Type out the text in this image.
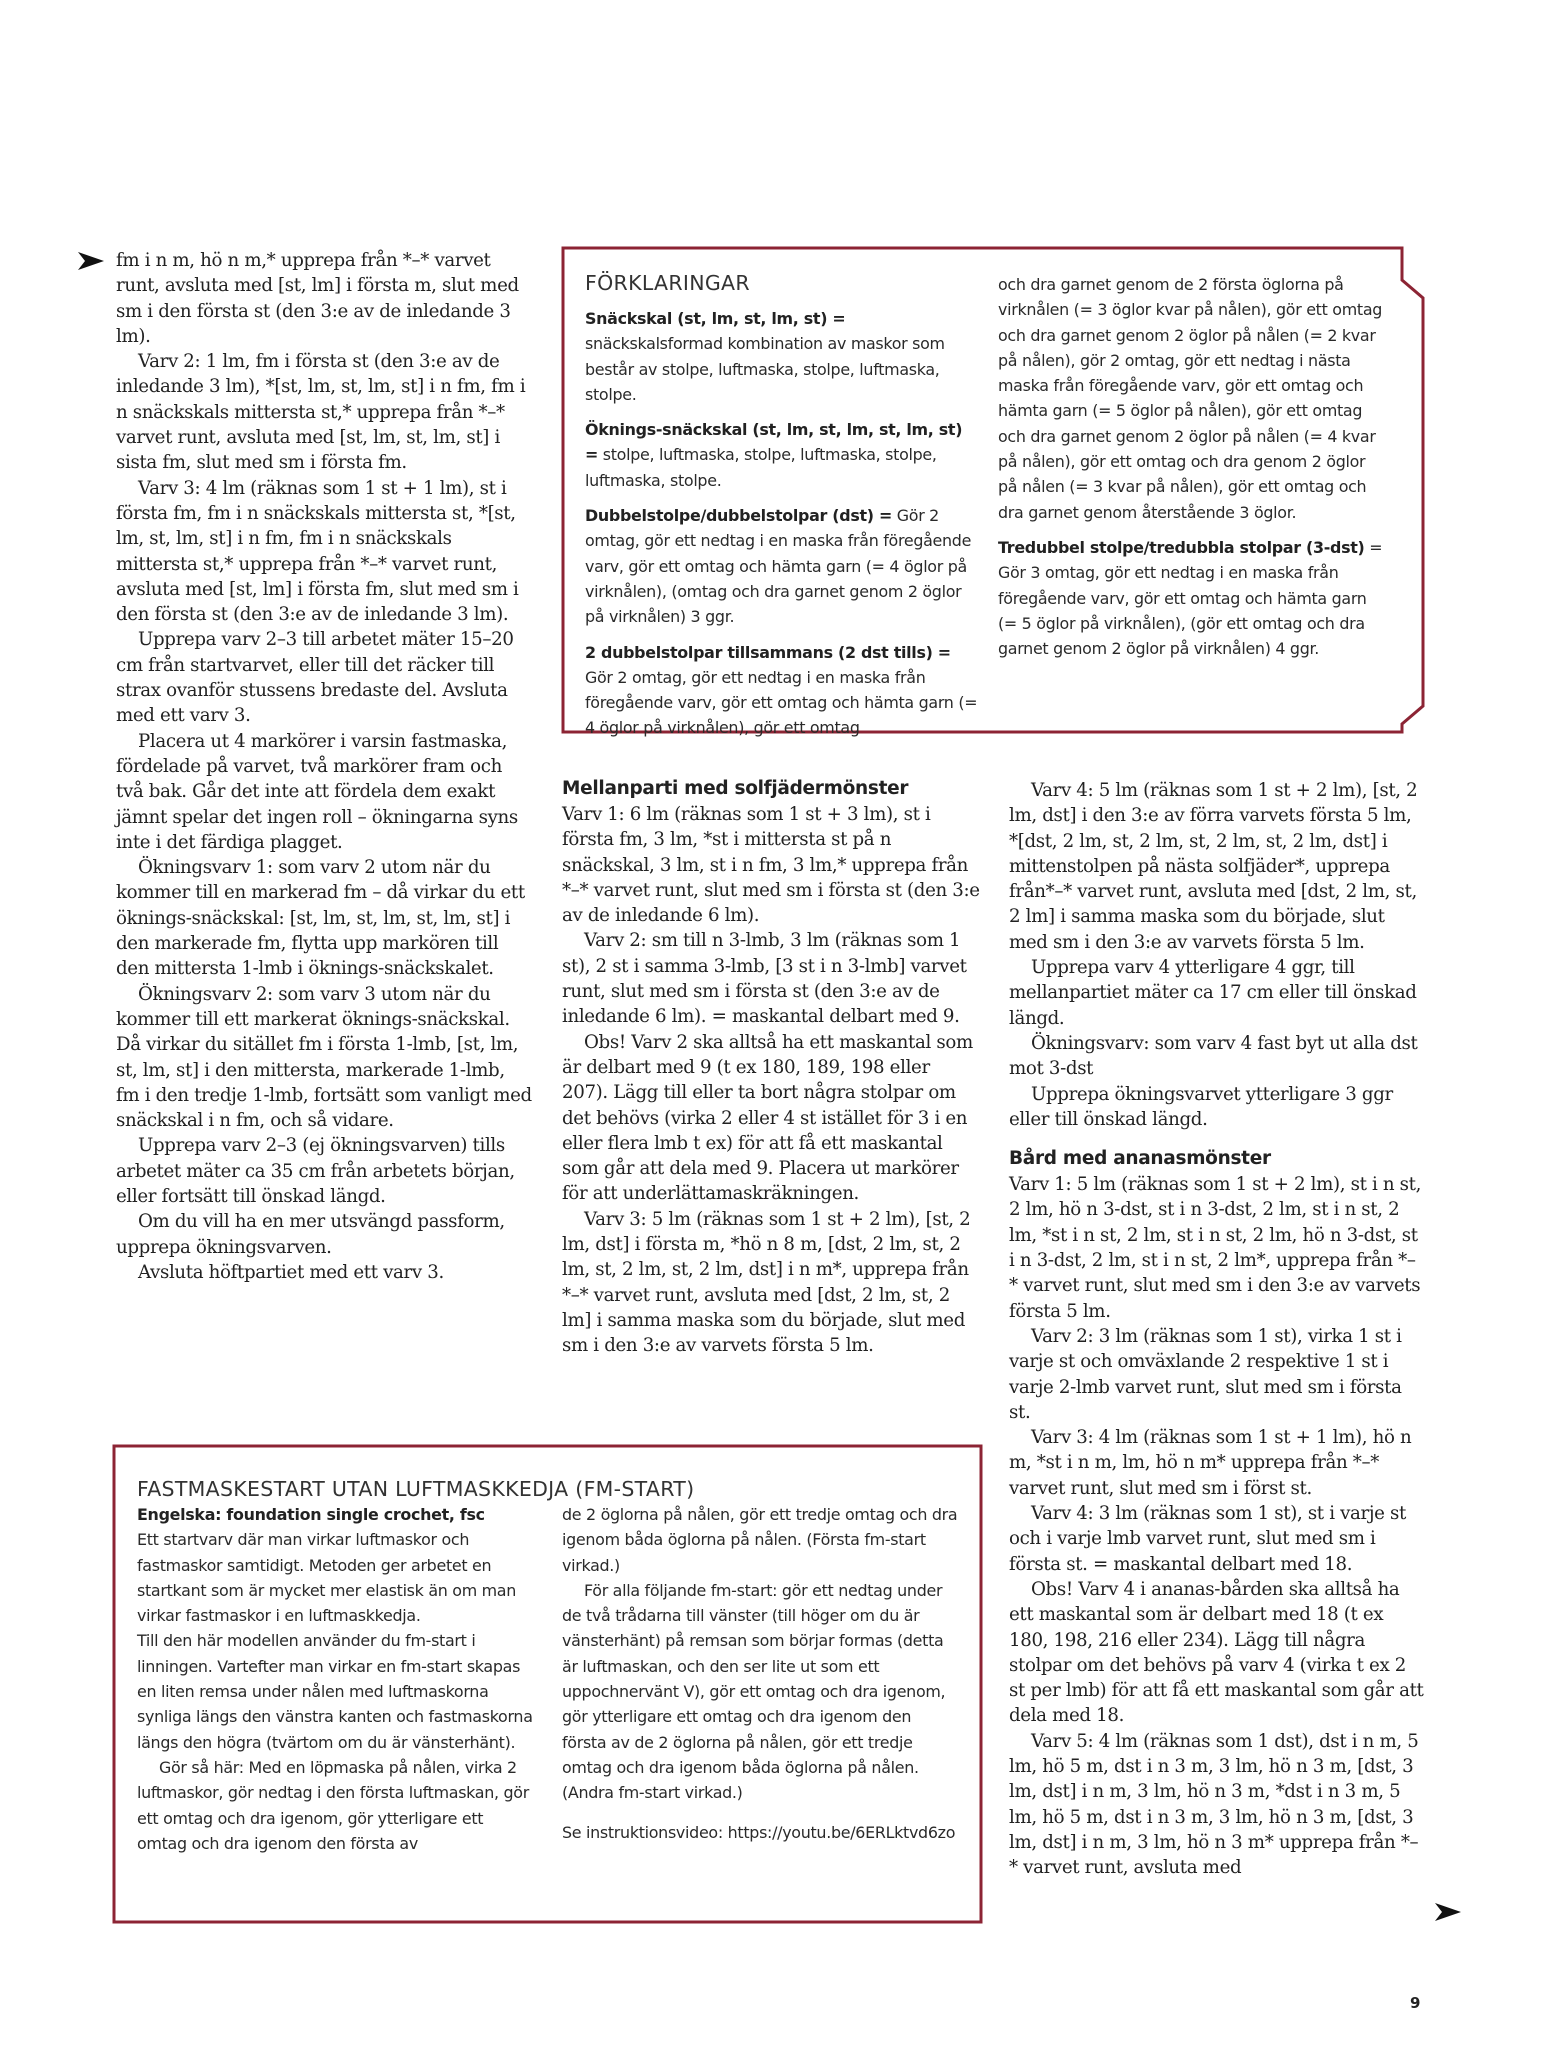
fm i n m, hö n m,* upprepa från *–* varvet runt, avsluta med [st, lm] i första m, slut med sm i den första st (den 3:e av de inledande 3 lm).

Varv 2: 1 lm, fm i första st (den 3:e av de inledande 3 lm), *[st, lm, st, lm, st] i n fm, fm i n snäckskals mittersta st,* upprepa från *–* varvet runt, avsluta med [st, lm, st, lm, st] i sista fm, slut med sm i första fm.

Varv 3: 4 lm (räknas som 1 st + 1 lm), st i första fm, fm i n snäckskals mittersta st, *[st, lm, st, lm, st] i n fm, fm i n snäckskals mittersta st,* upprepa från *–* varvet runt, avsluta med [st, lm] i första fm, slut med sm i den första st (den 3:e av de inledande 3 lm).

Upprepa varv 2–3 till arbetet mäter 15–20 cm från startvarvet, eller till det räcker till strax ovanför stussens bredaste del. Avsluta med ett varv 3.

Placera ut 4 markörer i varsin fastmaska, fördelade på varvet, två markörer fram och två bak. Går det inte att fördela dem exakt jämnt spelar det ingen roll – ökningarna syns inte i det färdiga plagget.

Ökningsvarv 1: som varv 2 utom när du kommer till en markerad fm – då virkar du ett öknings-snäckskal: [st, lm, st, lm, st, lm, st] i den markerade fm, flytta upp markören till den mittersta 1-lmb i öknings-snäckskalet.

Ökningsvarv 2: som varv 3 utom när du kommer till ett markerat öknings-snäckskal. Då virkar du sitället fm i första 1-lmb, [st, lm, st, lm, st] i den mittersta, markerade 1-lmb, fm i den tredje 1-lmb, fortsätt som vanligt med snäckskal i n fm, och så vidare.

Upprepa varv 2–3 (ej ökningsvarven) tills arbetet mäter ca 35 cm från arbetets början, eller fortsätt till önskad längd.

Om du vill ha en mer utsvängd passform, upprepa ökningsvarven.

Avsluta höftpartiet med ett varv 3.

FÖRKLARINGAR

Snäckskal (st, lm, st, lm, st) = snäckskalsformad kombination av maskor som består av stolpe, luftmaska, stolpe, luftmaska, stolpe.

Öknings-snäckskal (st, lm, st, lm, st, lm, st) = stolpe, luftmaska, stolpe, luftmaska, stolpe, luftmaska, stolpe.

Dubbelstolpe/dubbelstolpar (dst) = Gör 2 omtag, gör ett nedtag i en maska från föregående varv, gör ett omtag och hämta garn (= 4 öglor på virknålen), (omtag och dra garnet genom 2 öglor på virknålen) 3 ggr.

2 dubbelstolpar tillsammans (2 dst tills) = Gör 2 omtag, gör ett nedtag i en maska från föregående varv, gör ett omtag och hämta garn (= 4 öglor på virknålen), gör ett omtag

och dra garnet genom de 2 första öglorna på virknålen (= 3 öglor kvar på nålen), gör ett omtag och dra garnet genom 2 öglor på nålen (= 2 kvar på nålen), gör 2 omtag, gör ett nedtag i nästa maska från föregående varv, gör ett omtag och hämta garn (= 5 öglor på nålen), gör ett omtag och dra garnet genom 2 öglor på nålen (= 4 kvar på nålen), gör ett omtag och dra genom 2 öglor på nålen (= 3 kvar på nålen), gör ett omtag och dra garnet genom återstående 3 öglor.

Tredubbel stolpe/tredubbla stolpar (3-dst) = Gör 3 omtag, gör ett nedtag i en maska från föregående varv, gör ett omtag och hämta garn (= 5 öglor på virknålen), (gör ett omtag och dra garnet genom 2 öglor på virknålen) 4 ggr.

Mellanparti med solfjädermönster

Varv 1: 6 lm (räknas som 1 st + 3 lm), st i första fm, 3 lm, *st i mittersta st på n snäckskal, 3 lm, st i n fm, 3 lm,* upprepa från *–* varvet runt, slut med sm i första st (den 3:e av de inledande 6 lm).

Varv 2: sm till n 3-lmb, 3 lm (räknas som 1 st), 2 st i samma 3-lmb, [3 st i n 3-lmb] varvet runt, slut med sm i första st (den 3:e av de inledande 6 lm). = maskantal delbart med 9.

Obs! Varv 2 ska alltså ha ett maskantal som är delbart med 9 (t ex 180, 189, 198 eller 207). Lägg till eller ta bort några stolpar om det behövs (virka 2 eller 4 st istället för 3 i en eller flera lmb t ex) för att få ett maskantal som går att dela med 9. Placera ut markörer för att underlättamaskräkningen.

Varv 3: 5 lm (räknas som 1 st + 2 lm), [st, 2 lm, dst] i första m, *hö n 8 m, [dst, 2 lm, st, 2 lm, st, 2 lm, st, 2 lm, dst] i n m*, upprepa från *–* varvet runt, avsluta med [dst, 2 lm, st, 2 lm] i samma maska som du började, slut med sm i den 3:e av varvets första 5 lm.

Varv 4: 5 lm (räknas som 1 st + 2 lm), [st, 2 lm, dst] i den 3:e av förra varvets första 5 lm, *[dst, 2 lm, st, 2 lm, st, 2 lm, st, 2 lm, dst] i mittenstolpen på nästa solfjäder*, upprepa från*–* varvet runt, avsluta med [dst, 2 lm, st, 2 lm] i samma maska som du började, slut med sm i den 3:e av varvets första 5 lm.

Upprepa varv 4 ytterligare 4 ggr, till mellanpartiet mäter ca 17 cm eller till önskad längd.

Ökningsvarv: som varv 4 fast byt ut alla dst mot 3-dst

Upprepa ökningsvarvet ytterligare 3 ggr eller till önskad längd.

Bård med ananasmönster

Varv 1: 5 lm (räknas som 1 st + 2 lm), st i n st, 2 lm, hö n 3-dst, st i n 3-dst, 2 lm, st i n st, 2 lm, *st i n st, 2 lm, st i n st, 2 lm, hö n 3-dst, st i n 3-dst, 2 lm, st i n st, 2 lm*, upprepa från *–* varvet runt, slut med sm i den 3:e av varvets första 5 lm.

Varv 2: 3 lm (räknas som 1 st), virka 1 st i varje st och omväxlande 2 respektive 1 st i varje 2-lmb varvet runt, slut med sm i första st.

Varv 3: 4 lm (räknas som 1 st + 1 lm), hö n m, *st i n m, lm, hö n m* upprepa från *–* varvet runt, slut med sm i först st.

Varv 4: 3 lm (räknas som 1 st), st i varje st och i varje lmb varvet runt, slut med sm i första st. = maskantal delbart med 18.

Obs! Varv 4 i ananas-bården ska alltså ha ett maskantal som är delbart med 18 (t ex 180, 198, 216 eller 234). Lägg till några stolpar om det behövs på varv 4 (virka t ex 2 st per lmb) för att få ett maskantal som går att dela med 18.

Varv 5: 4 lm (räknas som 1 dst), dst i n m, 5 lm, hö 5 m, dst i n 3 m, 3 lm, hö n 3 m, [dst, 3 lm, dst] i n m, 3 lm, hö n 3 m, *dst i n 3 m, 5 lm, hö 5 m, dst i n 3 m, 3 lm, hö n 3 m, [dst, 3 lm, dst] i n m, 3 lm, hö n 3 m* upprepa från *–* varvet runt, avsluta med

FASTMASKESTART UTAN LUFTMASKKEDJA (FM-START)

Engelska: foundation single crochet, fsc

Ett startvarv där man virkar luftmaskor och fastmaskor samtidigt. Metoden ger arbetet en startkant som är mycket mer elastisk än om man virkar fastmaskor i en luftmaskkedja.

Till den här modellen använder du fm-start i linningen. Vartefter man virkar en fm-start skapas en liten remsa under nålen med luftmaskorna synliga längs den vänstra kanten och fastmaskorna längs den högra (tvärtom om du är vänsterhänt).

Gör så här: Med en löpmaska på nålen, virka 2 luftmaskor, gör nedtag i den första luftmaskan, gör ett omtag och dra igenom, gör ytterligare ett omtag och dra igenom den första av

de 2 öglorna på nålen, gör ett tredje omtag och dra igenom båda öglorna på nålen. (Första fm-start virkad.)

För alla följande fm-start: gör ett nedtag under de två trådarna till vänster (till höger om du är vänsterhänt) på remsan som börjar formas (detta är luftmaskan, och den ser lite ut som ett uppochnervänt V), gör ett omtag och dra igenom, gör ytterligare ett omtag och dra igenom den första av de 2 öglorna på nålen, gör ett tredje omtag och dra igenom båda öglorna på nålen. (Andra fm-start virkad.)

Se instruktionsvideo: https://youtu.be/6ERLktvd6zo

9
